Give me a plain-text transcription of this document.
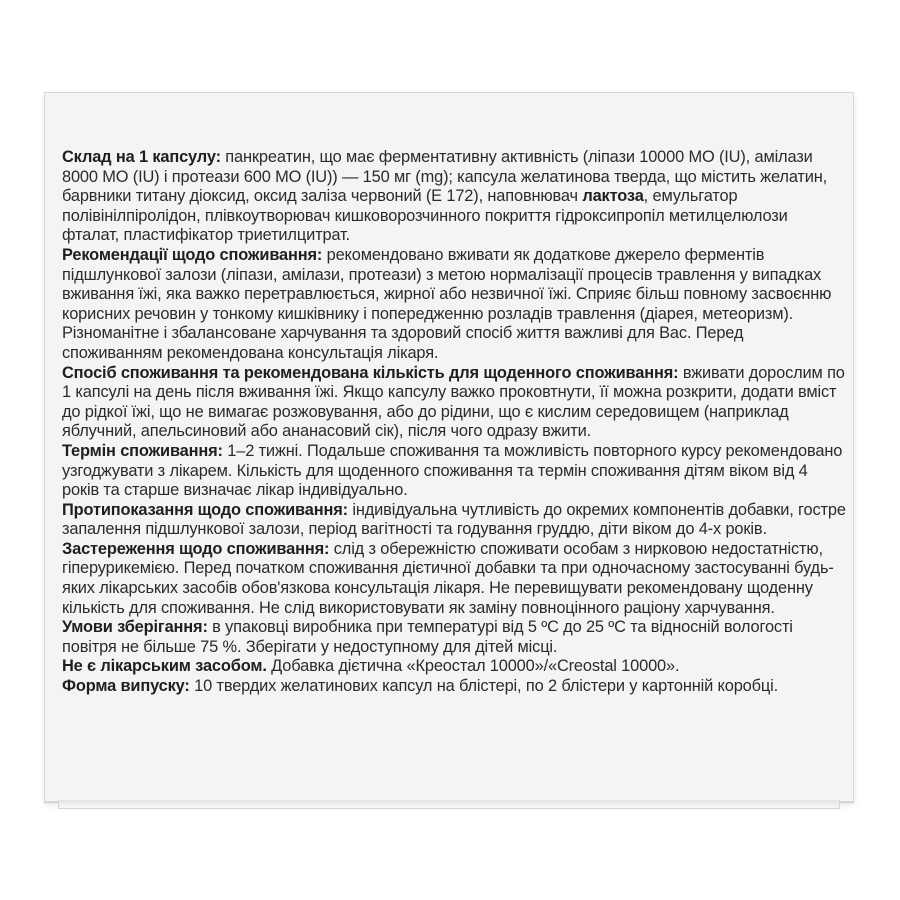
Склад на 1 капсулу: панкреатин, що має ферментативну активність (ліпази 10000 МО (IU), амілази 8000 МО (IU) і протеази 600 МО (IU)) — 150 мг (mg); капсула желатинова тверда, що містить желатин, барвники титану діоксид, оксид заліза червоний (E 172), наповнювач лактоза, емульгатор полівінілпіролідон, плівкоутворювач кишковорозчинного покриття гідроксипропіл метилцелюлози фталат, пластифікатор триетилцитрат.

Рекомендації щодо споживання: рекомендовано вживати як додаткове джерело ферментів підшлункової залози (ліпази, амілази, протеази) з метою нормалізації процесів травлення у випадках вживання їжі, яка важко перетравлюється, жирної або незвичної їжі. Сприяє більш повному засвоєнню корисних речовин у тонкому кишківнику і попередженню розладів травлення (діарея, метеоризм). Різноманітне і збалансоване харчування та здоровий спосіб життя важливі для Вас. Перед споживанням рекомендована консультація лікаря.

Спосіб споживання та рекомендована кількість для щоденного споживання: вживати дорослим по 1 капсулі на день після вживання їжі. Якщо капсулу важко проковтнути, її можна розкрити, додати вміст до рідкої їжі, що не вимагає розжовування, або до рідини, що є кислим середовищем (наприклад яблучний, апельсиновий або ананасовий сік), після чого одразу вжити.

Термін споживання: 1–2 тижні. Подальше споживання та можливість повторного курсу рекомендовано узгоджувати з лікарем. Кількість для щоденного споживання та термін споживання дітям віком від 4 років та старше визначає лікар індивідуально.

Протипоказання щодо споживання: індивідуальна чутливість до окремих компонентів добавки, гостре запалення підшлункової залози, період вагітності та годування груддю, діти віком до 4-х років.

Застереження щодо споживання: слід з обережністю споживати особам з нирковою недостатністю, гіперурикемією. Перед початком споживання дієтичної добавки та при одночасному застосуванні будь-яких лікарських засобів обов'язкова консультація лікаря. Не перевищувати рекомендовану щоденну кількість для споживання. Не слід використовувати як заміну повноцінного раціону харчування.

Умови зберігання: в упаковці виробника при температурі від 5 ºС до 25 ºС та відносній вологості повітря не більше 75 %. Зберігати у недоступному для дітей місці.

Не є лікарським засобом. Добавка дієтична «Креостал 10000»/«Creostal 10000».

Форма випуску: 10 твердих желатинових капсул на блістері, по 2 блістери у картонній коробці.
